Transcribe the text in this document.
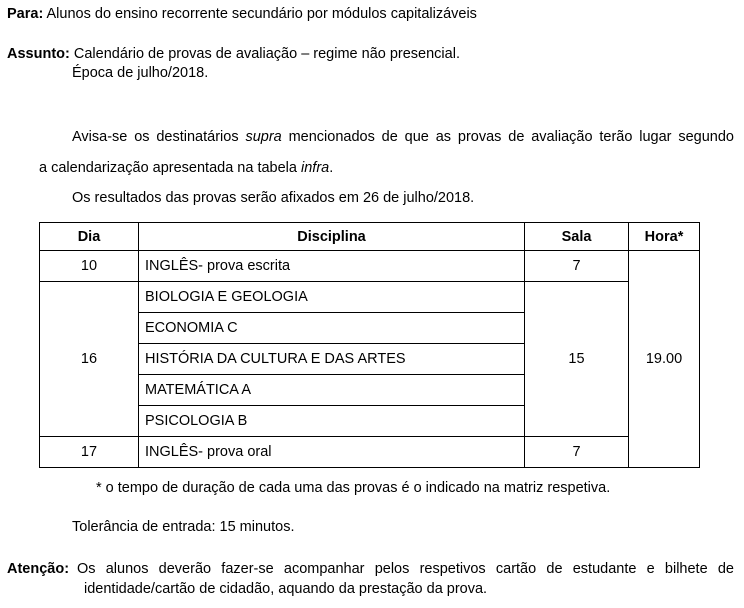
Para: Alunos do ensino recorrente secundário por módulos capitalizáveis
Assunto: Calendário de provas de avaliação – regime não presencial.
Época de julho/2018.
Avisa-se os destinatários supra mencionados de que as provas de avaliação terão lugar segundo
a calendarização apresentada na tabela infra.
Os resultados das provas serão afixados em 26 de julho/2018.
Dia	Disciplina	Sala	Hora*
10	INGLÊS- prova escrita	7	19.00
16	BIOLOGIA E GEOLOGIA	15	
	ECONOMIA C		
	HISTÓRIA DA CULTURA E DAS ARTES		
	MATEMÁTICA A		
	PSICOLOGIA B		
17	INGLÊS- prova oral	7	
* o tempo de duração de cada uma das provas é o indicado na matriz respetiva.
Tolerância de entrada: 15 minutos.
Atenção: Os alunos deverão fazer-se acompanhar pelos respetivos cartão de estudante e bilhete de
identidade/cartão de cidadão, aquando da prestação da prova.
